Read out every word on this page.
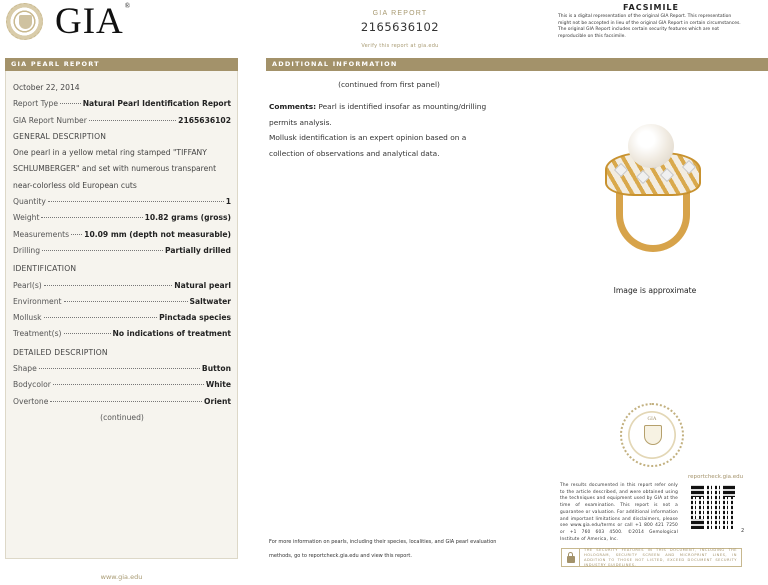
GIA®
GIA REPORT
2165636102
Verify this report at gia.edu
FACSIMILE
This is a digital representation of the original GIA Report. This representation might not be accepted in lieu of the original GIA Report in certain circumstances. The original GIA Report includes certain security features which are not reproducible on this facsimile.
GIA PEARL REPORT	ADDITIONAL INFORMATION
October 22, 2014
Report Type	Natural Pearl Identification Report
GIA Report Number	2165636102
GENERAL DESCRIPTION
One pearl in a yellow metal ring stamped "TIFFANY
SCHLUMBERGER" and set with numerous transparent
near-colorless old European cuts
Quantity	1
Weight	10.82 grams (gross)
Measurements 10.09 mm (depth not measurable)
Drilling	Partially drilled
IDENTIFICATION
Pearl(s)	Natural pearl
Environment	Saltwater
Mollusk	Pinctada species
Treatment(s)	No indications of treatment
DETAILED DESCRIPTION
Shape	Button
Bodycolor	White
Overtone	Orient
(continued)
www.gia.edu
(continued from first panel)

Comments: Pearl is identified insofar as mounting/drilling

permits analysis.

Mollusk identification is an expert opinion based on a

collection of observations and analytical data.

For more information on pearls, including their species, localities, and GIA pearl evaluation methods, go to reportcheck.gia.edu and view this report.
Image is approximate
GIA
reportcheck.gia.edu
The results documented in this report refer only to the article described, and were obtained using the techniques and equipment used by GIA at the time of examination. This report is not a guarantee or valuation. For additional information and important limitations and disclaimers, please see www.gia.edu/terms or call +1 800 421 7250 or +1 760 603 4500. ©2014 Gemological Institute of America, Inc.
2
THE SECURITY FEATURES IN THIS DOCUMENT, INCLUDING THE HOLOGRAM, SECURITY SCREEN AND MICROPRINT LINES, IN ADDITION TO THOSE NOT LISTED, EXCEED DOCUMENT SECURITY INDUSTRY GUIDELINES.
